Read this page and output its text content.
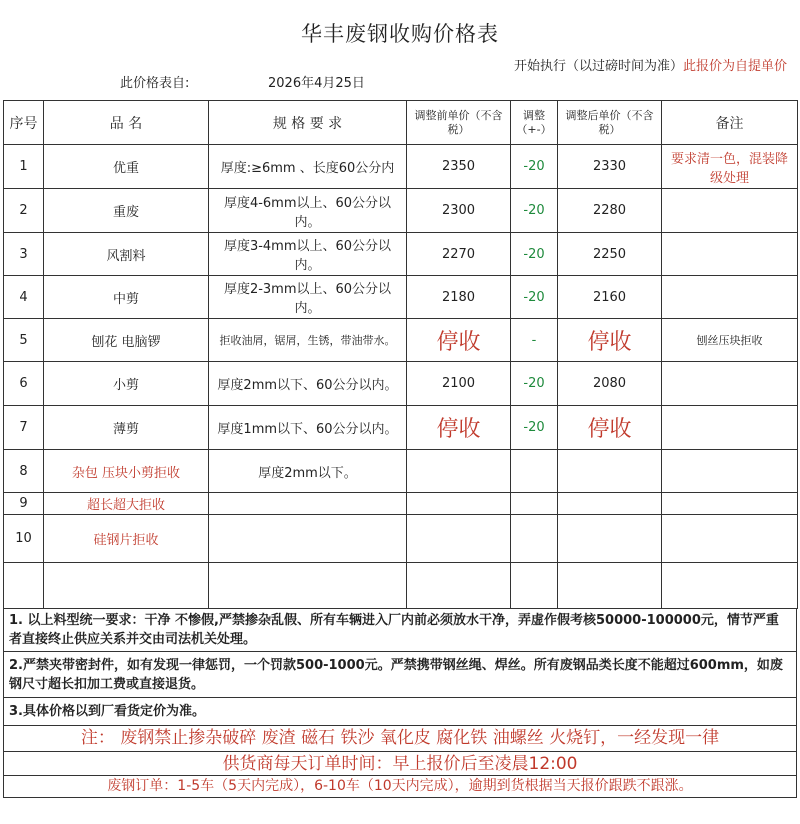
华丰废钢收购价格表
此价格表自:	2026年4月25日
开始执行（以过磅时间为准）此报价为自提单价
序号	品 名	规 格 要 求	调整前单价（不含税）	调整（+-）	调整后单价（不含税）	备注
1	优重	厚度:≥6mm 、长度60公分内	2350	-20	2330	要求清一色，混装降级处理
2	重废	厚度4-6mm以上、60公分以内。	2300	-20	2280	
3	风割料	厚度3-4mm以上、60公分以内。	2270	-20	2250	
4	中剪	厚度2-3mm以上、60公分以内。	2180	-20	2160	
5	刨花 电脑锣	拒收油屑，锯屑，生锈，带油带水。	停收	-	停收	刨丝压块拒收
6	小剪	厚度2mm以下、60公分以内。	2100	-20	2080	
7	薄剪	厚度1mm以下、60公分以内。	停收	-20	停收	
8	杂包 压块小剪拒收	厚度2mm以下。				
9	超长超大拒收					
10	硅钢片拒收					

1. 以上料型统一要求：干净 不惨假,严禁掺杂乱假、所有车辆进入厂内前必须放水干净，弄虚作假考核50000-100000元，情节严重者直接终止供应关系并交由司法机关处理。
2.严禁夹带密封件，如有发现一律惩罚，一个罚款500-1000元。严禁携带钢丝绳、焊丝。所有废钢品类长度不能超过600mm，如废钢尺寸超长扣加工费或直接退货。
3.具体价格以到厂看货定价为准。
注： 废钢禁止掺杂破碎 废渣 磁石 铁沙 氧化皮 腐化铁 油螺丝 火烧钉，一经发现一律
供货商每天订单时间：早上报价后至凌晨12:00
废钢订单：1-5车（5天内完成），6-10车（10天内完成），逾期到货根据当天报价跟跌不跟涨。
